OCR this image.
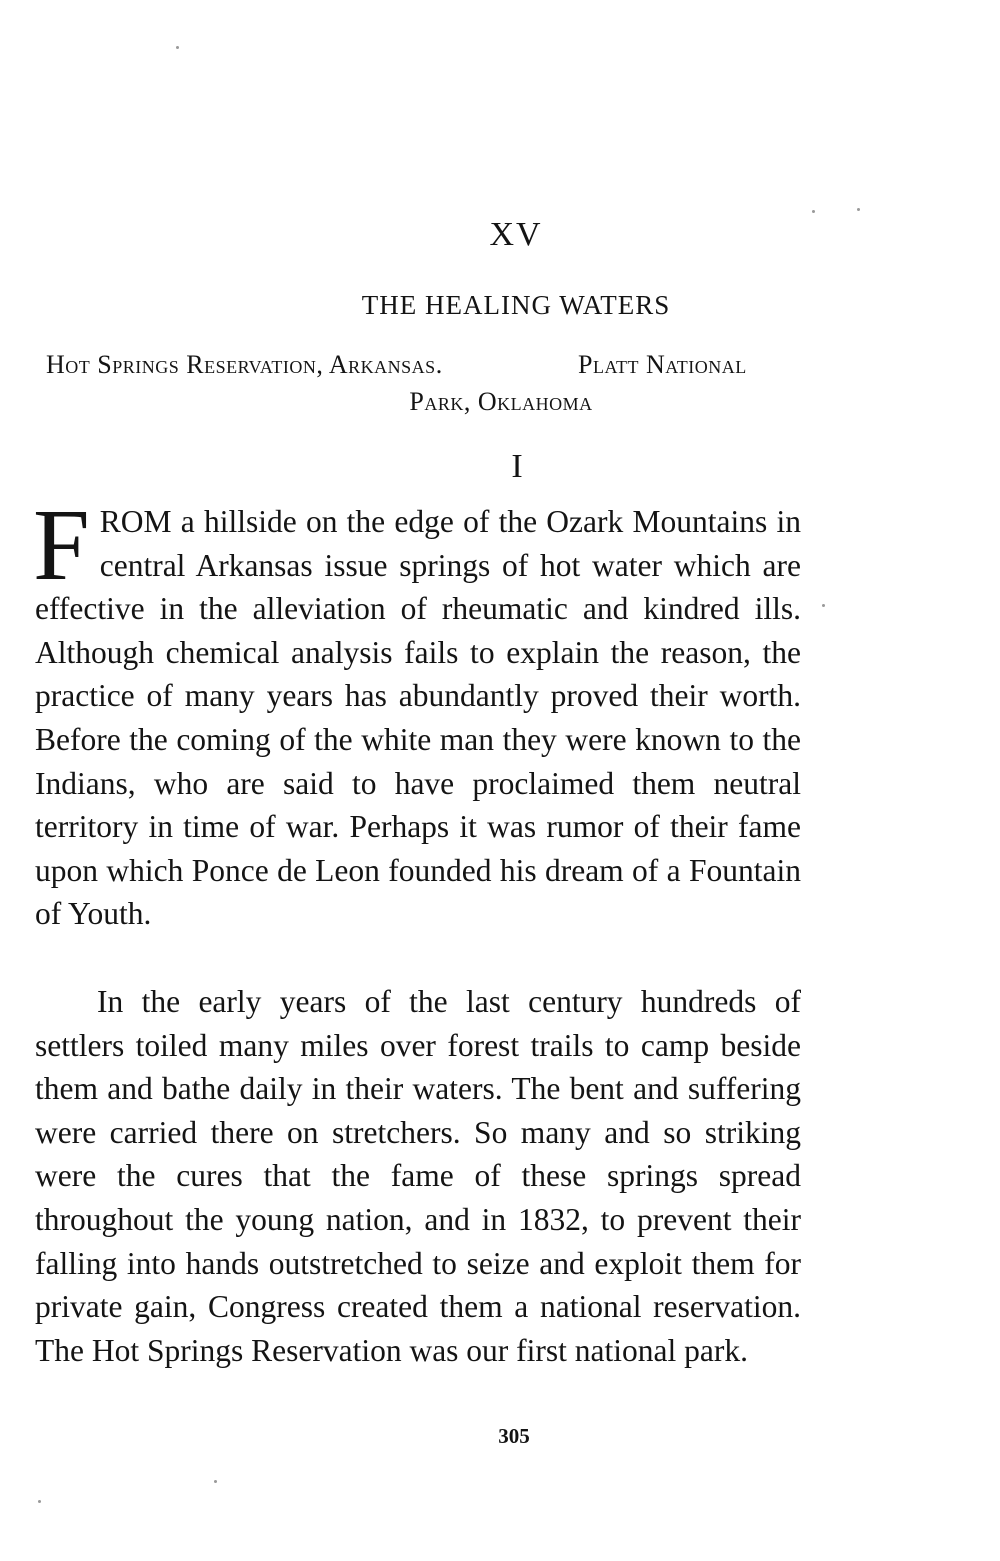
XV
THE HEALING WATERS
Hot Springs Reservation, Arkansas.	Platt National
Park, Oklahoma
I
FROM a hillside on the edge of the Ozark Mountains in central Arkansas issue springs of hot water which are effective in the alleviation of rheumatic and kindred ills. Although chemical analysis fails to explain the reason, the practice of many years has abundantly proved their worth. Before the coming of the white man they were known to the Indians, who are said to have proclaimed them neutral territory in time of war. Perhaps it was rumor of their fame upon which Ponce de Leon founded his dream of a Fountain of Youth.
In the early years of the last century hundreds of settlers toiled many miles over forest trails to camp beside them and bathe daily in their waters. The bent and suffering were carried there on stretchers. So many and so striking were the cures that the fame of these springs spread throughout the young nation, and in 1832, to prevent their falling into hands outstretched to seize and exploit them for private gain, Congress created them a national reservation. The Hot Springs Reservation was our first national park.
305
